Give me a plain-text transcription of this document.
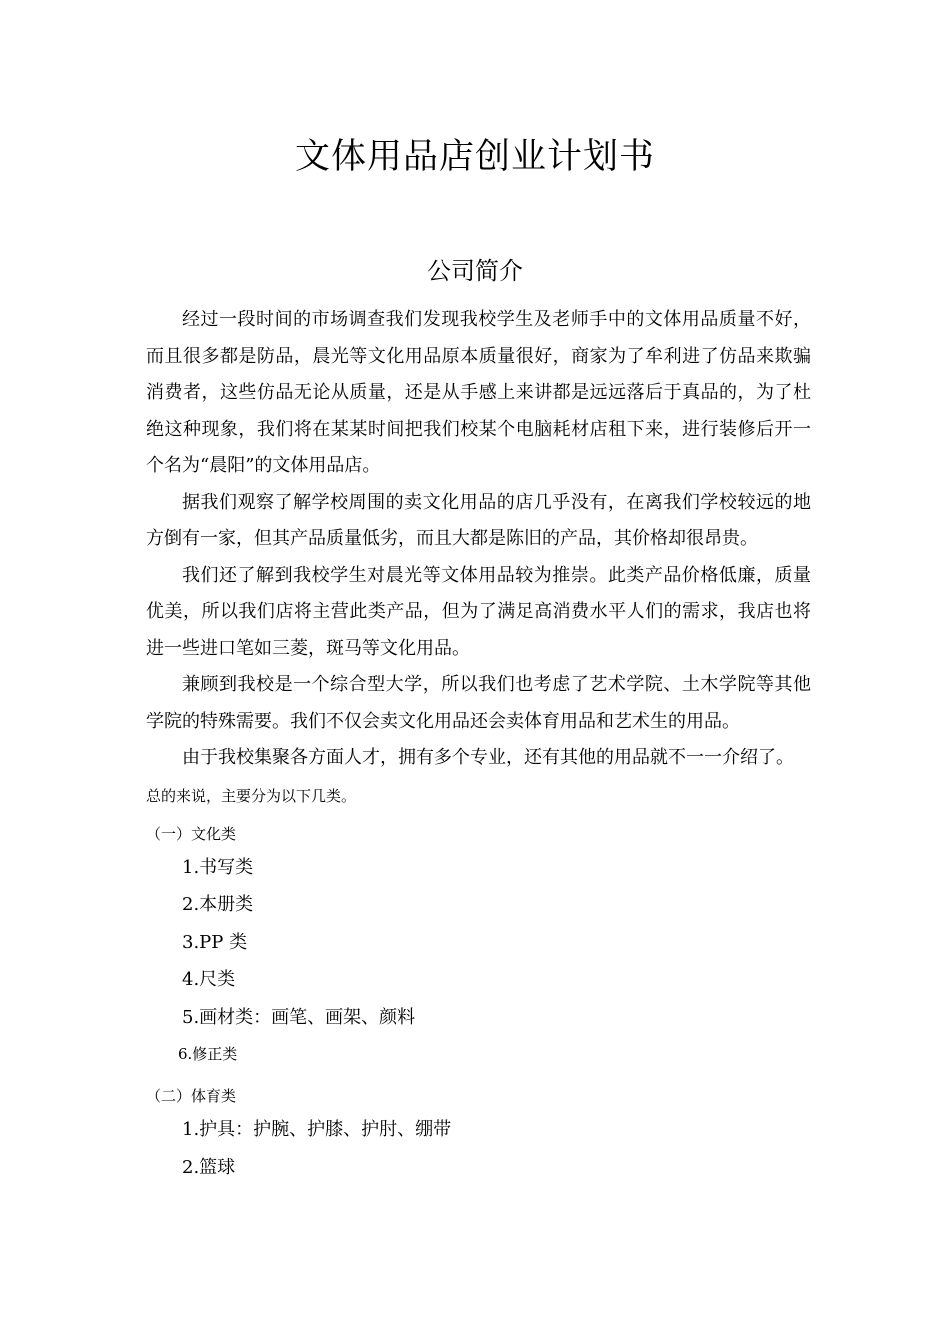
文体用品店创业计划书
公司简介

经过一段时间的市场调查我们发现我校学生及老师手中的文体用品质量不好，而且很多都是防品，晨光等文化用品原本质量很好，商家为了牟利进了仿品来欺骗消费者，这些仿品无论从质量，还是从手感上来讲都是远远落后于真品的，为了杜绝这种现象，我们将在某某时间把我们校某个电脑耗材店租下来，进行装修后开一个名为“晨阳”的文体用品店。

据我们观察了解学校周围的卖文化用品的店几乎没有，在离我们学校较远的地方倒有一家，但其产品质量低劣，而且大都是陈旧的产品，其价格却很昂贵。

我们还了解到我校学生对晨光等文体用品较为推崇。此类产品价格低廉，质量优美，所以我们店将主营此类产品，但为了满足高消费水平人们的需求，我店也将进一些进口笔如三菱，斑马等文化用品。

兼顾到我校是一个综合型大学，所以我们也考虑了艺术学院、土木学院等其他学院的特殊需要。我们不仅会卖文化用品还会卖体育用品和艺术生的用品。

由于我校集聚各方面人才，拥有多个专业，还有其他的用品就不一一介绍了。

总的来说，主要分为以下几类。

（一）文化类

1.书写类

2.本册类

3.PP 类

4.尺类

5.画材类：画笔、画架、颜料

6.修正类

（二）体育类

1.护具：护腕、护膝、护肘、绷带

2.篮球
